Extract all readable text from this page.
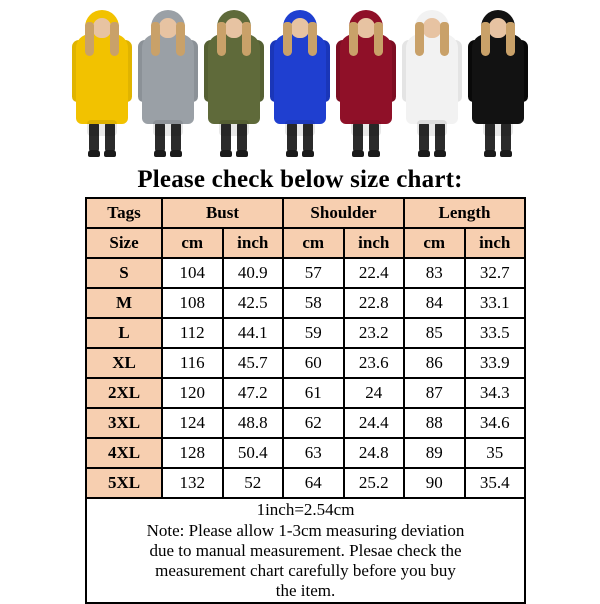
Please check below size chart:
Tags	Bust		Shoulder		Length	
Size	cm	inch	cm	inch	cm	inch
S	104	40.9	57	22.4	83	32.7
M	108	42.5	58	22.8	84	33.1
L	112	44.1	59	23.2	85	33.5
XL	116	45.7	60	23.6	86	33.9
2XL	120	47.2	61	24	87	34.3
3XL	124	48.8	62	24.4	88	34.6
4XL	128	50.4	63	24.8	89	35
5XL	132	52	64	25.2	90	35.4

1inch=2.54cm
Note: Please allow 1-3cm measuring deviation
due to manual measurement. Plesae check the
measurement chart carefully before you buy
the item.						
